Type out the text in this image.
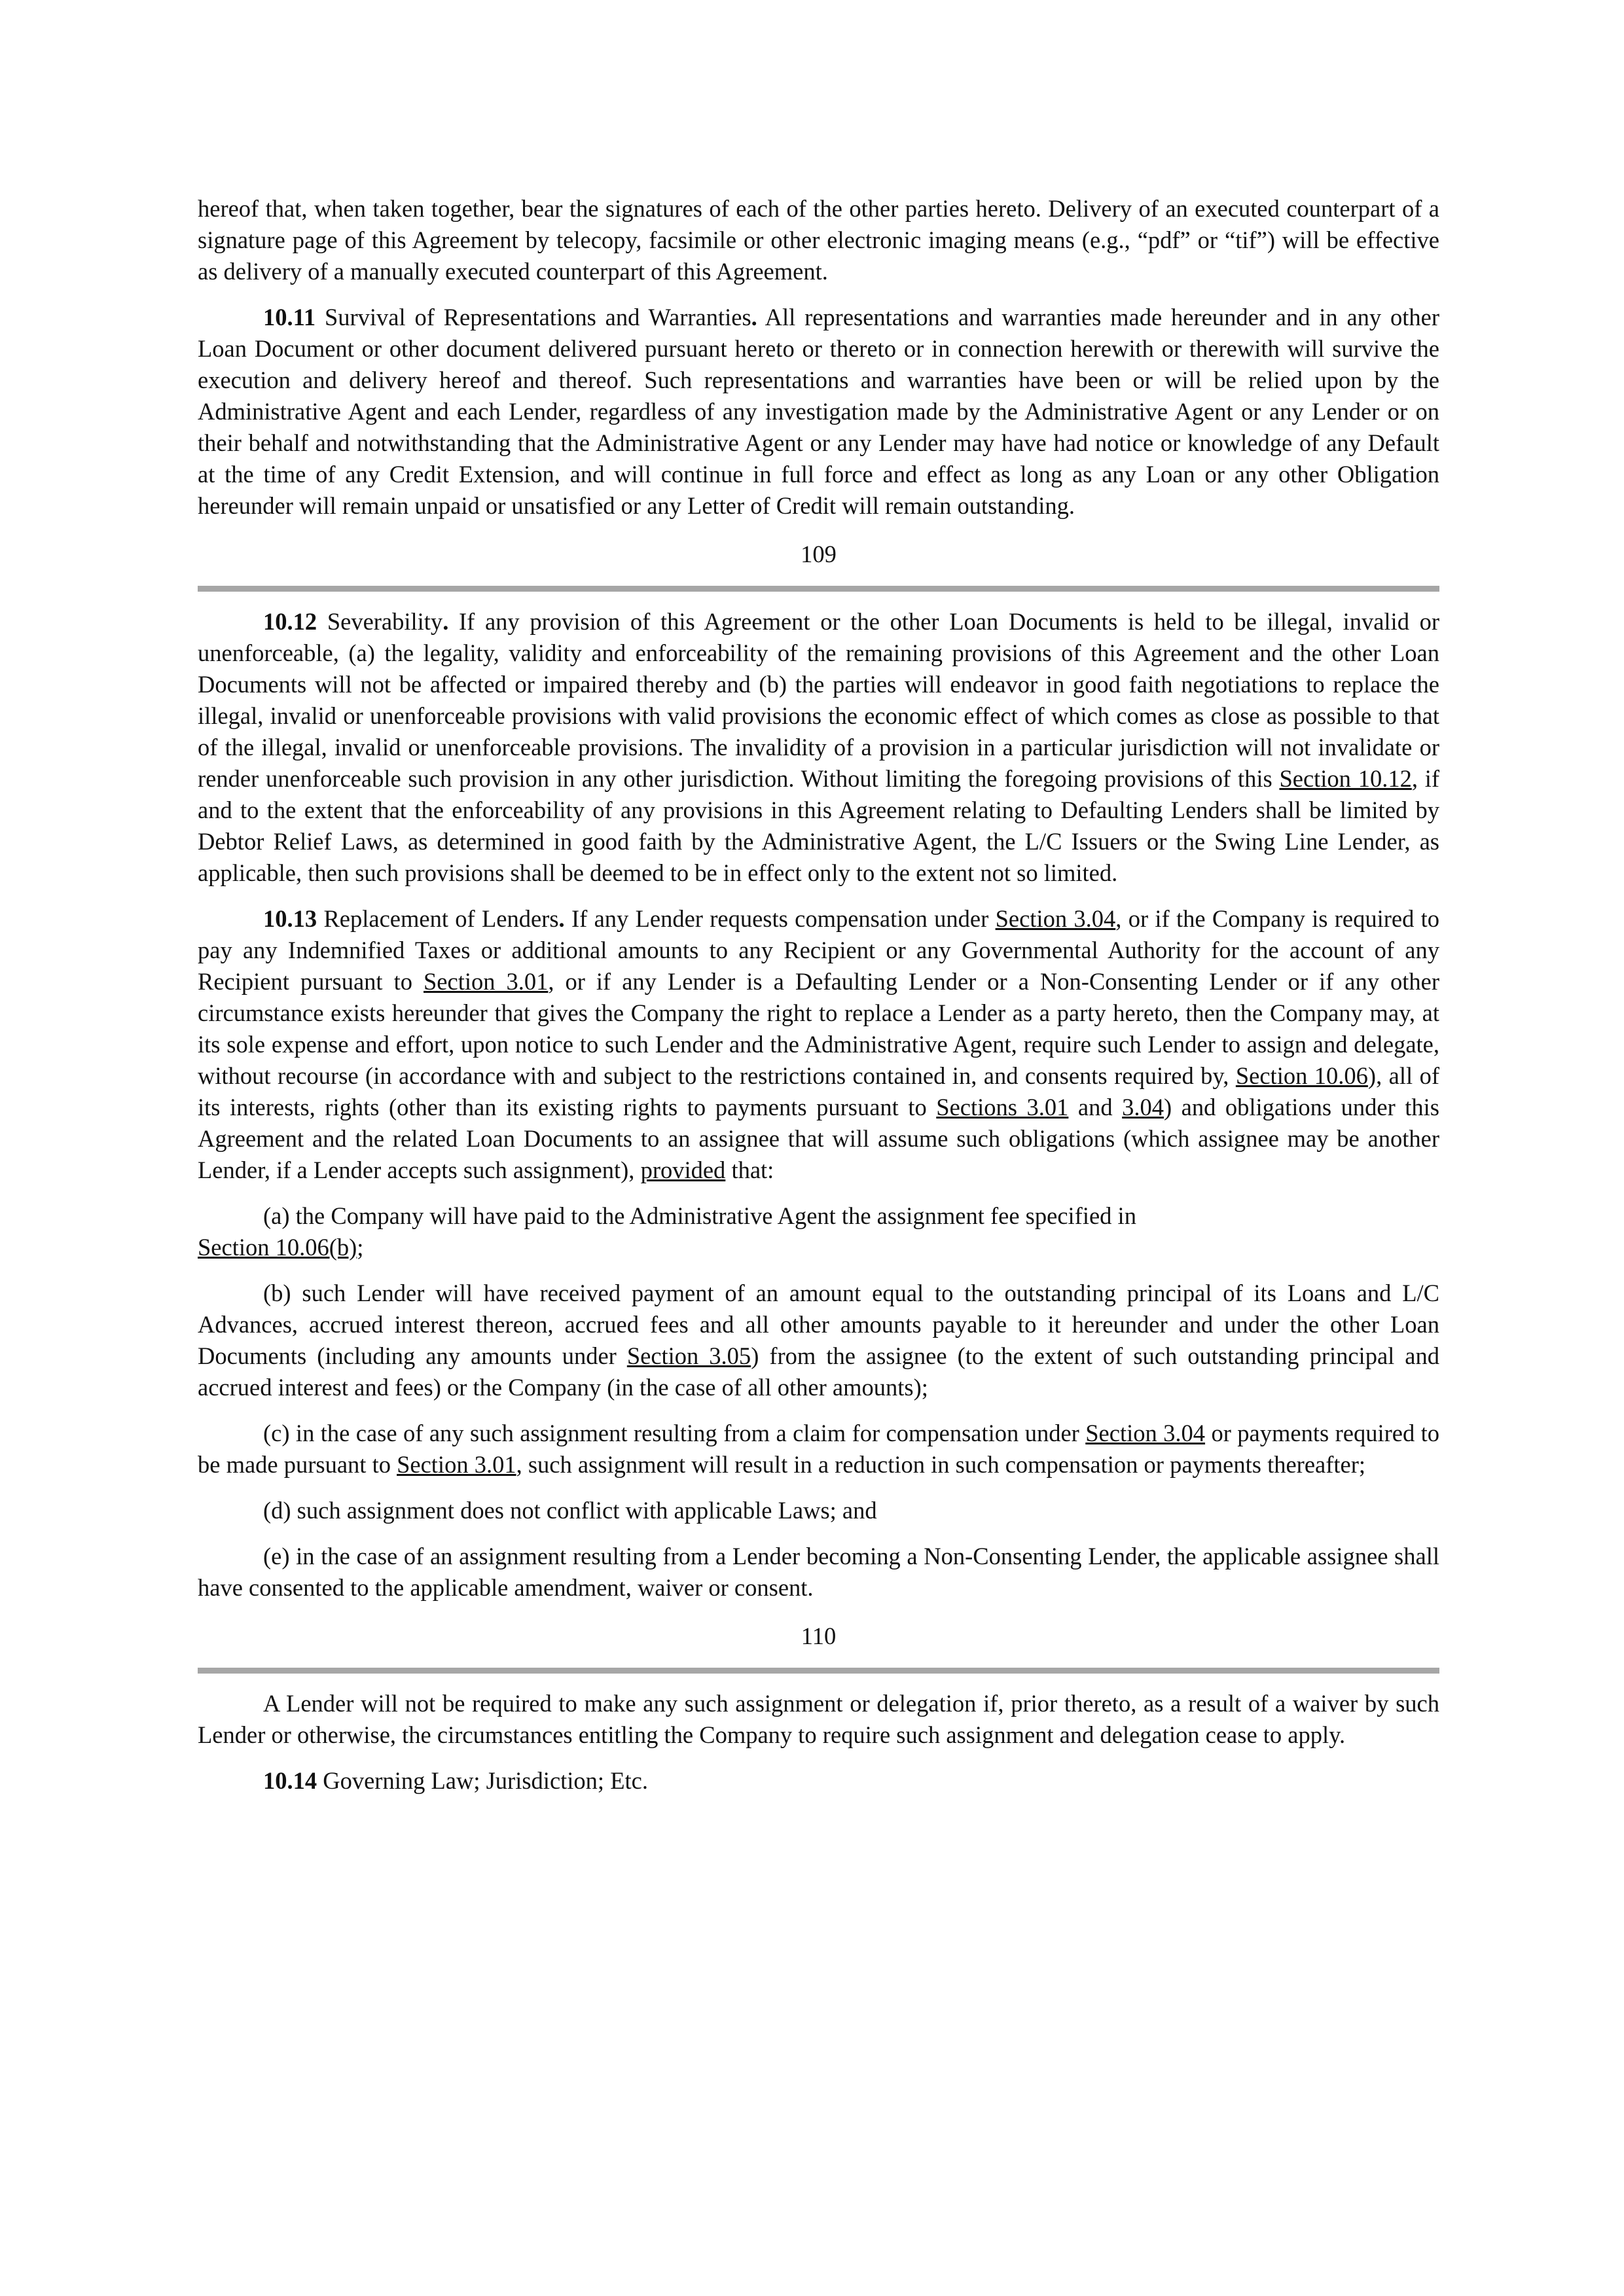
hereof that, when taken together, bear the signatures of each of the other parties hereto. Delivery of an executed counterpart of a signature page of this Agreement by telecopy, facsimile or other electronic imaging means (e.g., “pdf” or “tif”) will be effective as delivery of a manually executed counterpart of this Agreement.

10.11 Survival of Representations and Warranties. All representations and warranties made hereunder and in any other Loan Document or other document delivered pursuant hereto or thereto or in connection herewith or therewith will survive the execution and delivery hereof and thereof. Such representations and warranties have been or will be relied upon by the Administrative Agent and each Lender, regardless of any investigation made by the Administrative Agent or any Lender or on their behalf and notwithstanding that the Administrative Agent or any Lender may have had notice or knowledge of any Default at the time of any Credit Extension, and will continue in full force and effect as long as any Loan or any other Obligation hereunder will remain unpaid or unsatisfied or any Letter of Credit will remain outstanding.

109

10.12 Severability. If any provision of this Agreement or the other Loan Documents is held to be illegal, invalid or unenforceable, (a) the legality, validity and enforceability of the remaining provisions of this Agreement and the other Loan Documents will not be affected or impaired thereby and (b) the parties will endeavor in good faith negotiations to replace the illegal, invalid or unenforceable provisions with valid provisions the economic effect of which comes as close as possible to that of the illegal, invalid or unenforceable provisions. The invalidity of a provision in a particular jurisdiction will not invalidate or render unenforceable such provision in any other jurisdiction. Without limiting the foregoing provisions of this Section 10.12, if and to the extent that the enforceability of any provisions in this Agreement relating to Defaulting Lenders shall be limited by Debtor Relief Laws, as determined in good faith by the Administrative Agent, the L/C Issuers or the Swing Line Lender, as applicable, then such provisions shall be deemed to be in effect only to the extent not so limited.

10.13 Replacement of Lenders. If any Lender requests compensation under Section 3.04, or if the Company is required to pay any Indemnified Taxes or additional amounts to any Recipient or any Governmental Authority for the account of any Recipient pursuant to Section 3.01, or if any Lender is a Defaulting Lender or a Non-Consenting Lender or if any other circumstance exists hereunder that gives the Company the right to replace a Lender as a party hereto, then the Company may, at its sole expense and effort, upon notice to such Lender and the Administrative Agent, require such Lender to assign and delegate, without recourse (in accordance with and subject to the restrictions contained in, and consents required by, Section 10.06), all of its interests, rights (other than its existing rights to payments pursuant to Sections 3.01 and 3.04) and obligations under this Agreement and the related Loan Documents to an assignee that will assume such obligations (which assignee may be another Lender, if a Lender accepts such assignment), provided that:

(a) the Company will have paid to the Administrative Agent the assignment fee specified in
Section 10.06(b);

(b) such Lender will have received payment of an amount equal to the outstanding principal of its Loans and L/C Advances, accrued interest thereon, accrued fees and all other amounts payable to it hereunder and under the other Loan Documents (including any amounts under Section 3.05) from the assignee (to the extent of such outstanding principal and accrued interest and fees) or the Company (in the case of all other amounts);

(c) in the case of any such assignment resulting from a claim for compensation under Section 3.04 or payments required to be made pursuant to Section 3.01, such assignment will result in a reduction in such compensation or payments thereafter;

(d) such assignment does not conflict with applicable Laws; and

(e) in the case of an assignment resulting from a Lender becoming a Non-Consenting Lender, the applicable assignee shall have consented to the applicable amendment, waiver or consent.

110

A Lender will not be required to make any such assignment or delegation if, prior thereto, as a result of a waiver by such Lender or otherwise, the circumstances entitling the Company to require such assignment and delegation cease to apply.

10.14 Governing Law; Jurisdiction; Etc.
